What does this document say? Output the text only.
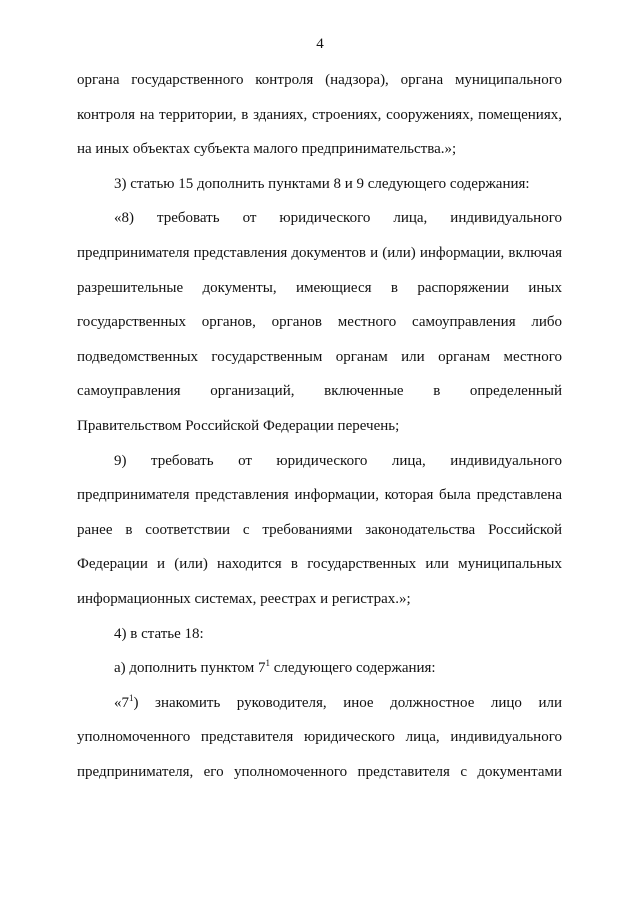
4
органа государственного контроля (надзора), органа муниципального
контроля на территории, в зданиях, строениях, сооружениях, помещениях,
на иных объектах субъекта малого предпринимательства.»;
3) статью 15 дополнить пунктами 8 и 9 следующего содержания:
«8) требовать от юридического лица, индивидуального
предпринимателя представления документов и (или) информации, включая
разрешительные документы, имеющиеся в распоряжении иных
государственных органов, органов местного самоуправления либо
подведомственных государственным органам или органам местного
самоуправления организаций, включенные в определенный
Правительством Российской Федерации перечень;
9) требовать от юридического лица, индивидуального
предпринимателя представления информации, которая была представлена
ранее в соответствии с требованиями законодательства Российской
Федерации и (или) находится в государственных или муниципальных
информационных системах, реестрах и регистрах.»;
4) в статье 18:
а) дополнить пунктом $7^1$ следующего содержания:
«$7^1$) знакомить руководителя, иное должностное лицо или
уполномоченного представителя юридического лица, индивидуального
предпринимателя, его уполномоченного представителя с документами
